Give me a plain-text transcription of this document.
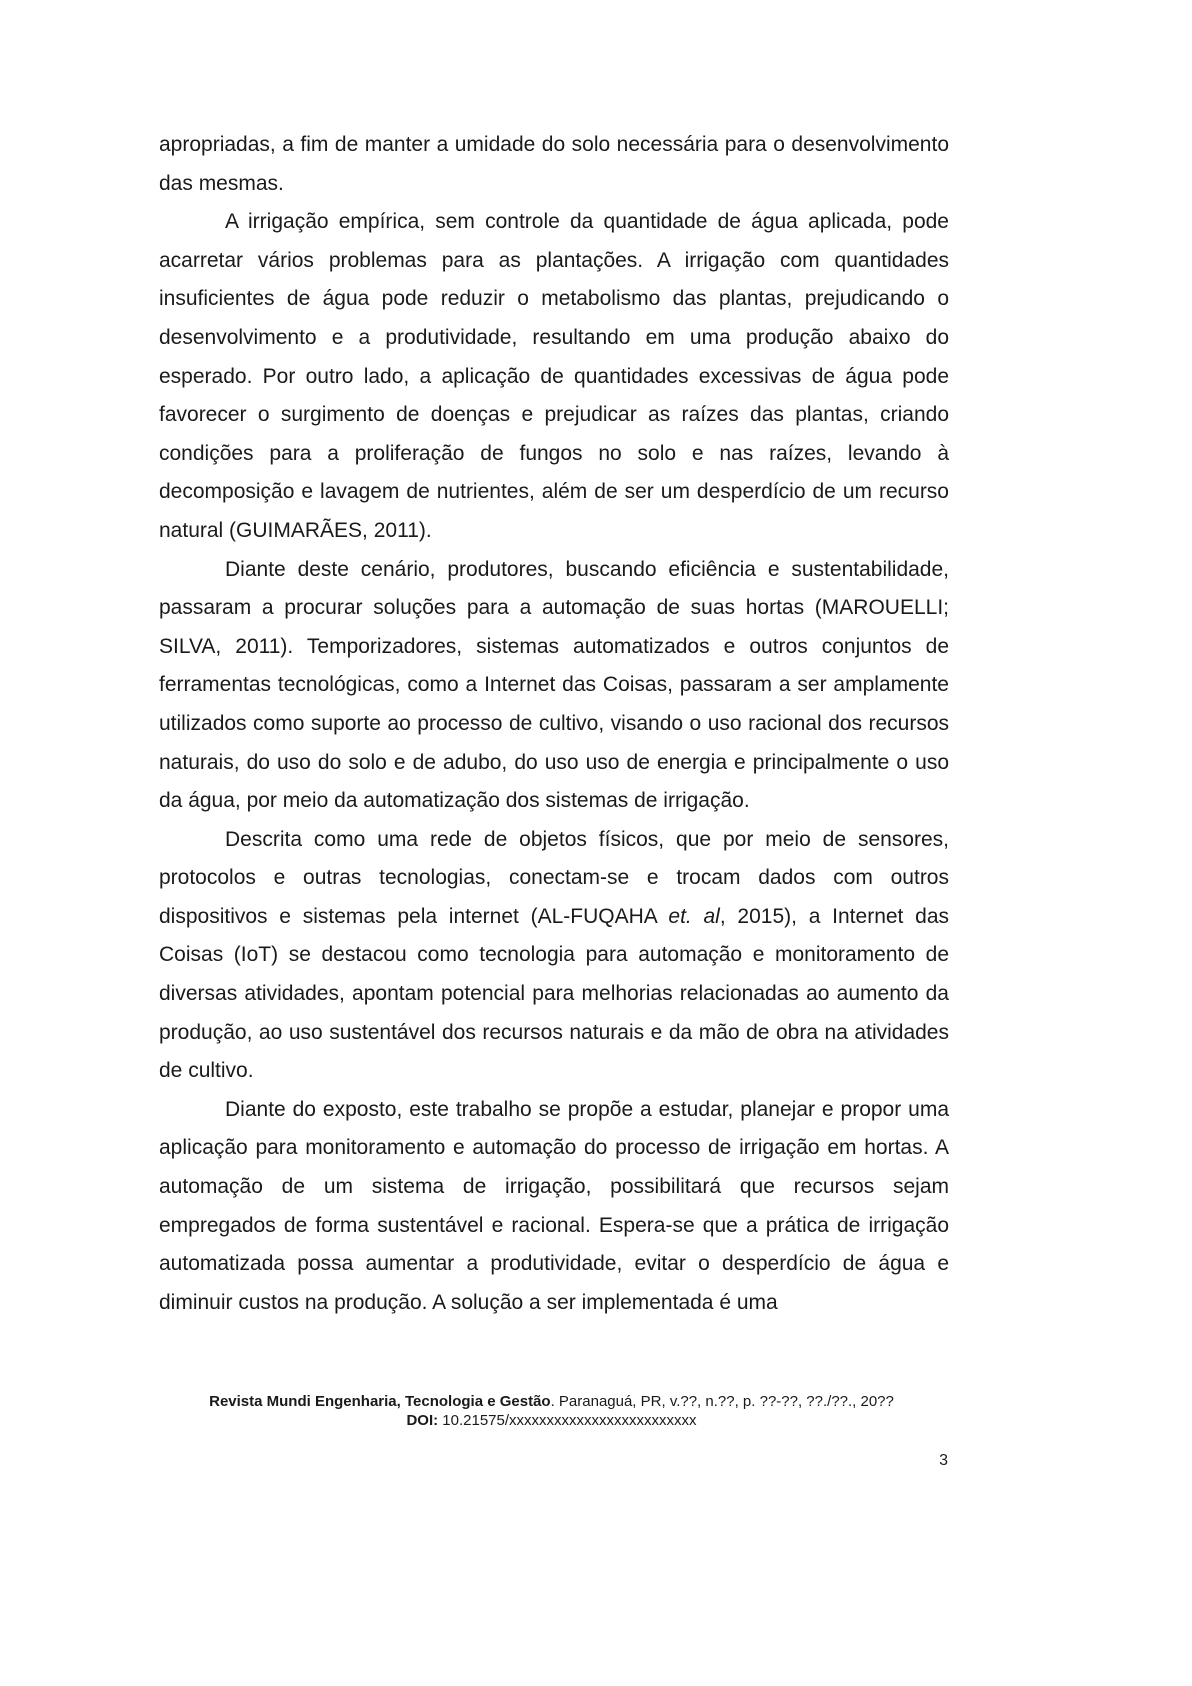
apropriadas, a fim de manter a umidade do solo necessária para o desenvolvimento das mesmas.

A irrigação empírica, sem controle da quantidade de água aplicada, pode acarretar vários problemas para as plantações. A irrigação com quantidades insuficientes de água pode reduzir o metabolismo das plantas, prejudicando o desenvolvimento e a produtividade, resultando em uma produção abaixo do esperado. Por outro lado, a aplicação de quantidades excessivas de água pode favorecer o surgimento de doenças e prejudicar as raízes das plantas, criando condições para a proliferação de fungos no solo e nas raízes, levando à decomposição e lavagem de nutrientes, além de ser um desperdício de um recurso natural (GUIMARÃES, 2011).

Diante deste cenário, produtores, buscando eficiência e sustentabilidade, passaram a procurar soluções para a automação de suas hortas (MAROUELLI; SILVA, 2011). Temporizadores, sistemas automatizados e outros conjuntos de ferramentas tecnológicas, como a Internet das Coisas, passaram a ser amplamente utilizados como suporte ao processo de cultivo, visando o uso racional dos recursos naturais, do uso do solo e de adubo, do uso uso de energia e principalmente o uso da água, por meio da automatização dos sistemas de irrigação.

Descrita como uma rede de objetos físicos, que por meio de sensores, protocolos e outras tecnologias, conectam-se e trocam dados com outros dispositivos e sistemas pela internet (AL-FUQAHA et. al, 2015), a Internet das Coisas (IoT) se destacou como tecnologia para automação e monitoramento de diversas atividades, apontam potencial para melhorias relacionadas ao aumento da produção, ao uso sustentável dos recursos naturais e da mão de obra na atividades de cultivo.

Diante do exposto, este trabalho se propõe a estudar, planejar e propor uma aplicação para monitoramento e automação do processo de irrigação em hortas. A automação de um sistema de irrigação, possibilitará que recursos sejam empregados de forma sustentável e racional. Espera-se que a prática de irrigação automatizada possa aumentar a produtividade, evitar o desperdício de água e diminuir custos na produção. A solução a ser implementada é uma

Revista Mundi Engenharia, Tecnologia e Gestão. Paranaguá, PR, v.??, n.??, p. ??-??, ??./??., 20??
DOI: 10.21575/xxxxxxxxxxxxxxxxxxxxxxxxx
3
